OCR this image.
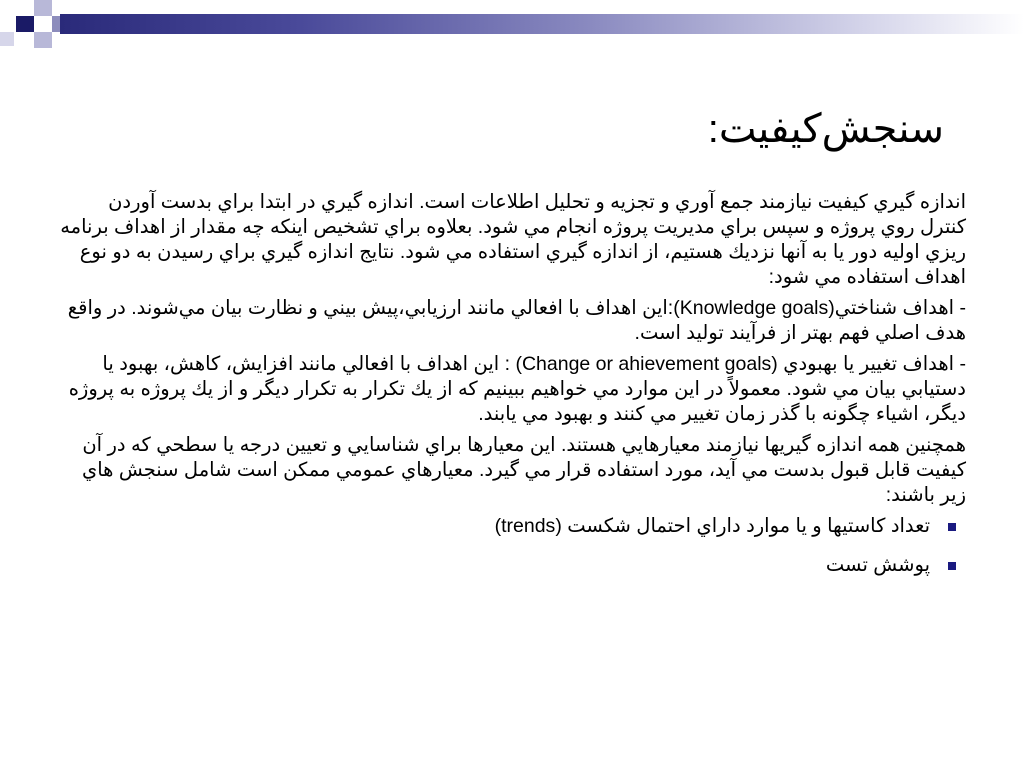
سنجش‌كيفيت:

اندازه گيري كيفيت نيازمند جمع آوري و تجزيه و تحليل اطلاعات است. اندازه گيري در ابتدا براي بدست آوردن كنترل روي پروژه و سپس براي مديريت پروژه انجام مي شود. بعلاوه براي تشخيص اينكه چه مقدار از اهداف برنامه ريزي اوليه دور يا به آنها نزديك هستيم، از اندازه گيري استفاده مي شود. نتايج اندازه گيري براي رسيدن به دو نوع اهداف استفاده مي شود:

- اهداف شناختي(Knowledge goals):اين اهداف با افعالي مانند ارزيابي،پيش بيني و نظارت بيان مي‌شوند. در واقع هدف اصلي فهم بهتر از فرآيند توليد است.

- اهداف تغيير يا بهبودي (Change or ahievement goals) : اين اهداف با افعالي مانند افزايش، كاهش، بهبود يا دستيابي بيان مي شود. معمولاً در اين موارد مي خواهيم ببينيم كه از يك تكرار به تكرار ديگر و از يك پروژه به پروژه ديگر، اشياء چگونه با گذر زمان تغيير مي كنند و بهبود مي يابند.

همچنين همه اندازه گيريها نيازمند معيارهايي هستند. اين معيارها براي شناسايي و تعيين درجه يا سطحي كه در آن كيفيت قابل قبول بدست مي آيد، مورد استفاده قرار مي گيرد. معيارهاي عمومي ممكن است شامل سنجش هاي زير باشند:

تعداد كاستيها و يا موارد داراي احتمال شكست (trends)
پوشش تست
